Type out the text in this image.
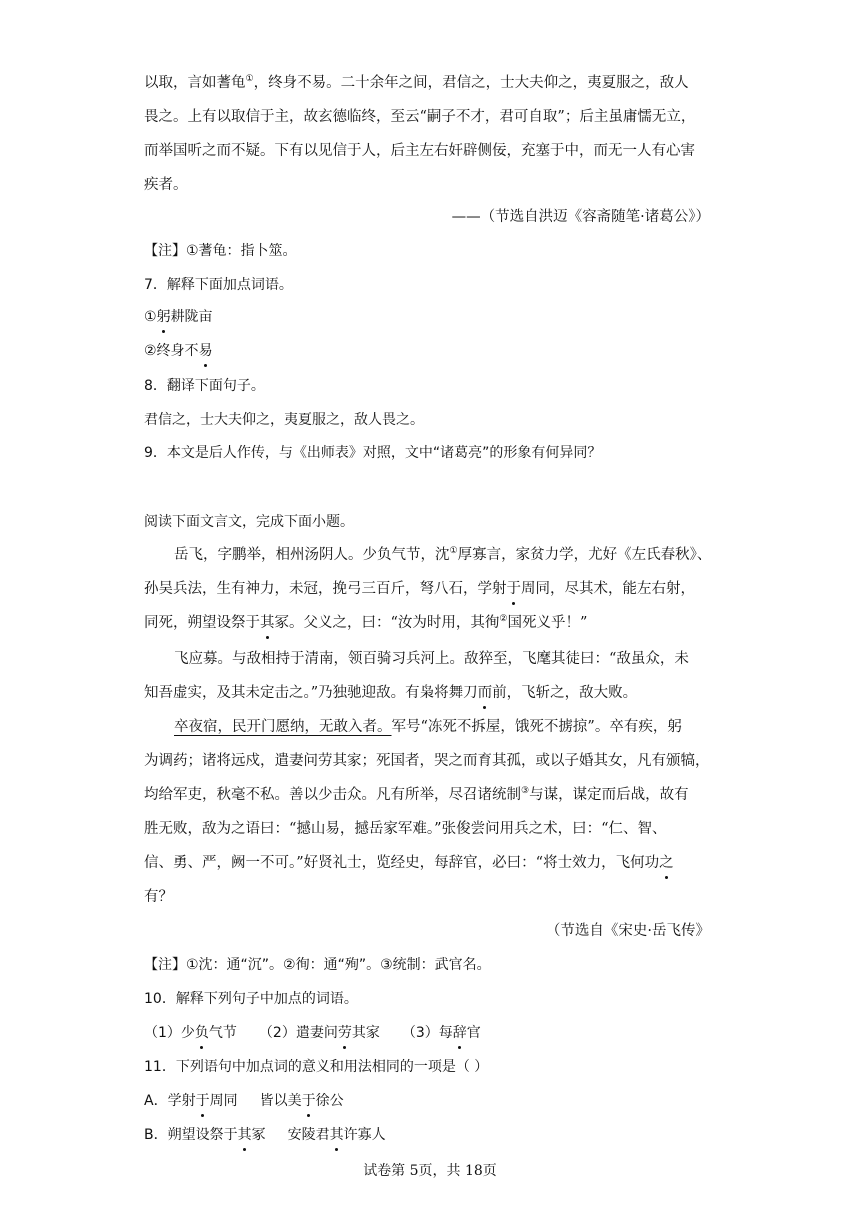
以取，言如蓍龟①，终身不易。二十余年之间，君信之，士大夫仰之，夷夏服之，敌人
畏之。上有以取信于主，故玄德临终，至云“嗣子不才，君可自取”；后主虽庸懦无立，
而举国听之而不疑。下有以见信于人，后主左右奸辟侧佞，充塞于中，而无一人有心害
疾者。
——（节选自洪迈《容斋随笔·诸葛公》）
【注】①蓍龟：指卜筮。
7．解释下面加点词语。
①躬耕陇亩
②终身不易
8．翻译下面句子。
君信之，士大夫仰之，夷夏服之，敌人畏之。
9．本文是后人作传，与《出师表》对照，文中“诸葛亮”的形象有何异同？
阅读下面文言文，完成下面小题。
岳飞，字鹏举，相州汤阴人。少负气节，沈①厚寡言，家贫力学，尤好《左氏春秋》、
孙吴兵法，生有神力，未冠，挽弓三百斤，弩八石，学射于周同，尽其术，能左右射，
同死，朔望设祭于其冢。父义之，曰：“汝为时用，其徇②国死义乎！”
飞应募。与敌相持于清南，领百骑习兵河上。敌猝至，飞麾其徒曰：“敌虽众，未
知吾虚实，及其未定击之。”乃独驰迎敌。有枭将舞刀而前，飞斩之，敌大败。
卒夜宿，民开门愿纳，无敢入者。军号“冻死不拆屋，饿死不掳掠”。卒有疾，躬
为调药；诸将远戍，遣妻问劳其家；死国者，哭之而育其孤，或以子婚其女，凡有颁犒，
均给军吏，秋毫不私。善以少击众。凡有所举，尽召诸统制③与谋，谋定而后战，故有
胜无败，敌为之语曰：“撼山易，撼岳家军难。”张俊尝问用兵之术，曰：“仁、智、
信、勇、严，阙一不可。”好贤礼士，览经史，每辞官，必曰：“将士效力，飞何功之
有？
（节选自《宋史·岳飞传》
【注】①沈：通“沉”。②徇：通“殉”。③统制：武官名。
10．解释下列句子中加点的词语。
（1）少负气节 （2）遣妻问劳其家 （3）每辞官
11．下列语句中加点词的意义和用法相同的一项是（ ）
A．学射于周同 皆以美于徐公
B．朔望设祭于其冢 安陵君其许寡人
试卷第 5页，共 18页
